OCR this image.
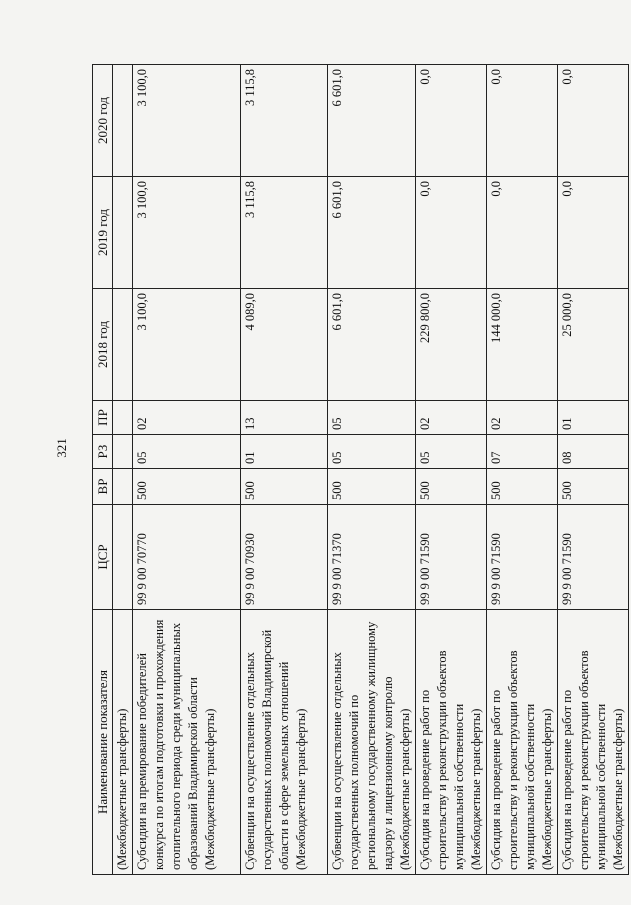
321
Наименование показателя	ЦСР	ВР	РЗ	ПР	2018 год	2019 год	2020 год
(Межбюджетные трансферты)							
Субсидии на премирование победителей конкурса по итогам подготовки и прохождения отопительного периода среди муниципальных образований Владимирской области (Межбюджетные трансферты)	99 9 00 70770	500	05	02	3 100,0	3 100,0	3 100,0
Субвенции на осуществление отдельных государственных полномочий Владимирской области в сфере земельных отношений (Межбюджетные трансферты)	99 9 00 70930	500	01	13	4 089,0	3 115,8	3 115,8
Субвенции на осуществление отдельных государственных полномочий по региональному государственному жилищному надзору и лицензионному контролю (Межбюджетные трансферты)	99 9 00 71370	500	05	05	6 601,0	6 601,0	6 601,0
Субсидия на проведение работ по строительству и реконструкции объектов муниципальной собственности (Межбюджетные трансферты)	99 9 00 71590	500	05	02	229 800,0	0,0	0,0
Субсидия на проведение работ по строительству и реконструкции объектов муниципальной собственности (Межбюджетные трансферты)	99 9 00 71590	500	07	02	144 000,0	0,0	0,0
Субсидия на проведение работ по строительству и реконструкции объектов муниципальной собственности (Межбюджетные трансферты)	99 9 00 71590	500	08	01	25 000,0	0,0	0,0
